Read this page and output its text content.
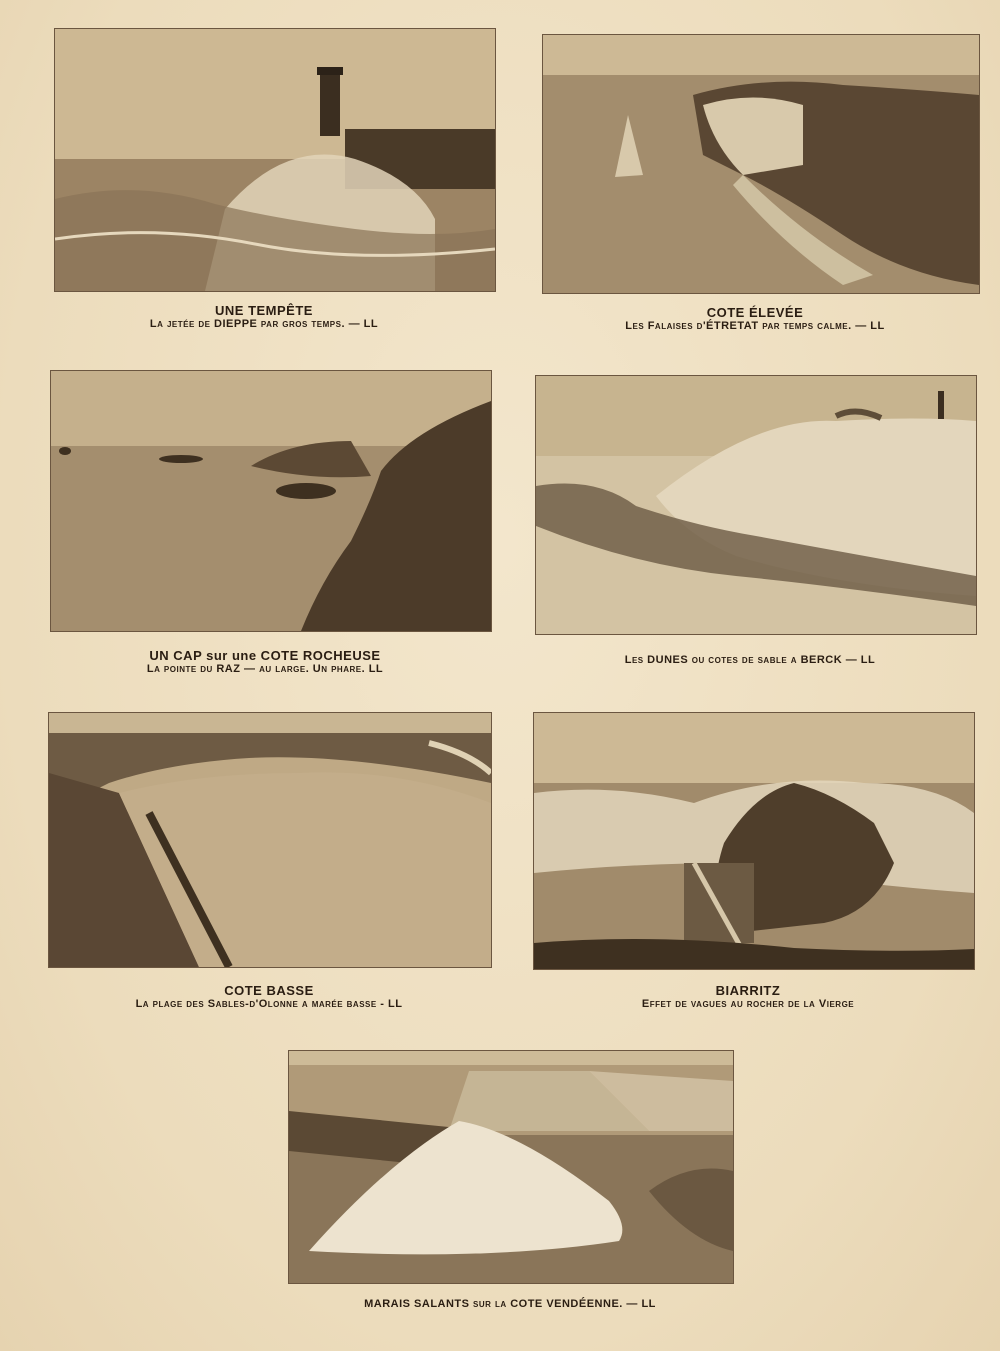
UNE TEMPÊTE
La jetée de DIEPPE par gros temps. — LL
COTE ÉLEVÉE
Les Falaises d'ÉTRETAT par temps calme. — LL
UN CAP sur une COTE ROCHEUSE
La pointe du RAZ — au large. Un phare. LL
Les DUNES ou cotes de sable a BERCK — LL
COTE BASSE
La plage des Sables-d'Olonne a marée basse - LL
BIARRITZ
Effet de vagues au rocher de la Vierge
MARAIS SALANTS sur la COTE VENDÉENNE. — LL
